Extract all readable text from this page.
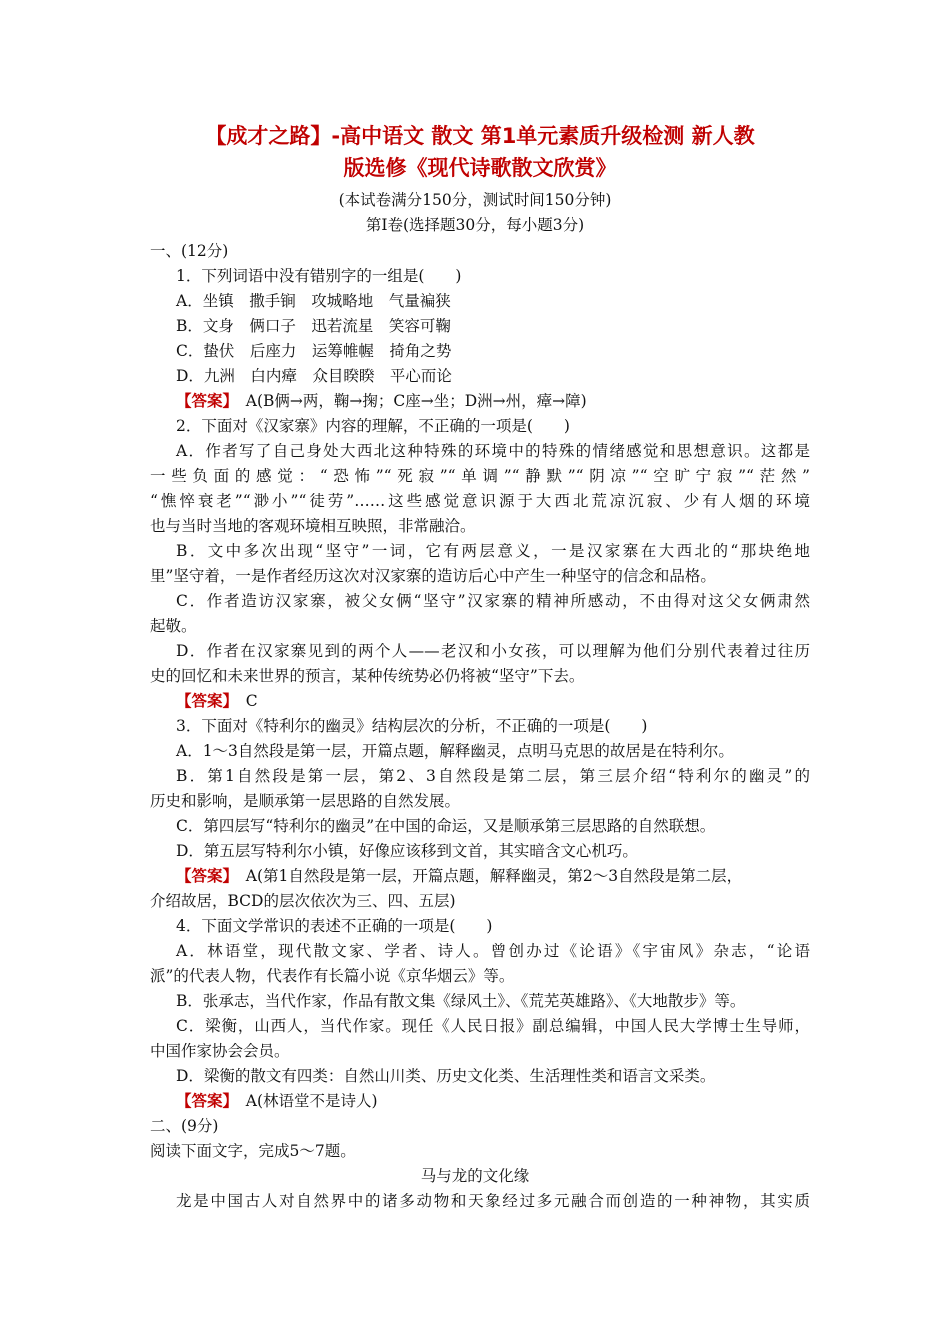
【成才之路】-高中语文 散文 第1单元素质升级检测 新人教
版选修《现代诗歌散文欣赏》
(本试卷满分150分，测试时间150分钟)
第Ⅰ卷(选择题30分，每小题3分)
一、(12分)
1．下列词语中没有错别字的一组是(　　)
A．坐镇　撒手锏　攻城略地　气量褊狭
B．文身　俩口子　迅若流星　笑容可鞠
C．蛰伏　后座力　运筹帷幄　掎角之势
D．九洲　白内瘴　众目睽睽　平心而论
【答案】　 A(B俩→两，鞠→掬；C座→坐；D洲→州，瘴→障)
2．下面对《汉家寨》内容的理解，不正确的一项是(　　)
A．作者写了自己身处大西北这种特殊的环境中的特殊的情绪感觉和思想意识。这都是
一些负面的感觉：“恐怖”“死寂”“单调”“静默”“阴凉”“空旷宁寂”“茫然”
“憔悴衰老”“渺小”“徒劳”……这些感觉意识源于大西北荒凉沉寂、少有人烟的环境
也与当时当地的客观环境相互映照，非常融洽。
B．文中多次出现“坚守”一词，它有两层意义，一是汉家寨在大西北的“那块绝地
里”坚守着，一是作者经历这次对汉家寨的造访后心中产生一种坚守的信念和品格。
C．作者造访汉家寨，被父女俩“坚守”汉家寨的精神所感动，不由得对这父女俩肃然
起敬。
D．作者在汉家寨见到的两个人——老汉和小女孩，可以理解为他们分别代表着过往历
史的回忆和未来世界的预言，某种传统势必仍将被“坚守”下去。
【答案】　 C
3．下面对《特利尔的幽灵》结构层次的分析，不正确的一项是(　　)
A．1～3自然段是第一层，开篇点题，解释幽灵，点明马克思的故居是在特利尔。
B．第1自然段是第一层，第2、3自然段是第二层，第三层介绍“特利尔的幽灵”的
历史和影响，是顺承第一层思路的自然发展。
C．第四层写“特利尔的幽灵”在中国的命运，又是顺承第三层思路的自然联想。
D．第五层写特利尔小镇，好像应该移到文首，其实暗含文心机巧。
【答案】　 A(第1自然段是第一层，开篇点题，解释幽灵，第2～3自然段是第二层，
介绍故居，BCD的层次依次为三、四、五层)
4．下面文学常识的表述不正确的一项是(　　)
A．林语堂，现代散文家、学者、诗人。曾创办过《论语》《宇宙风》杂志，“论语
派”的代表人物，代表作有长篇小说《京华烟云》等。
B．张承志，当代作家，作品有散文集《绿风土》、《荒芜英雄路》、《大地散步》等。
C．梁衡，山西人，当代作家。现任《人民日报》副总编辑，中国人民大学博士生导师，
中国作家协会会员。
D．梁衡的散文有四类：自然山川类、历史文化类、生活理性类和语言文采类。
【答案】　 A(林语堂不是诗人)
二、(9分)
阅读下面文字，完成5～7题。
马与龙的文化缘
龙是中国古人对自然界中的诸多动物和天象经过多元融合而创造的一种神物，其实质
